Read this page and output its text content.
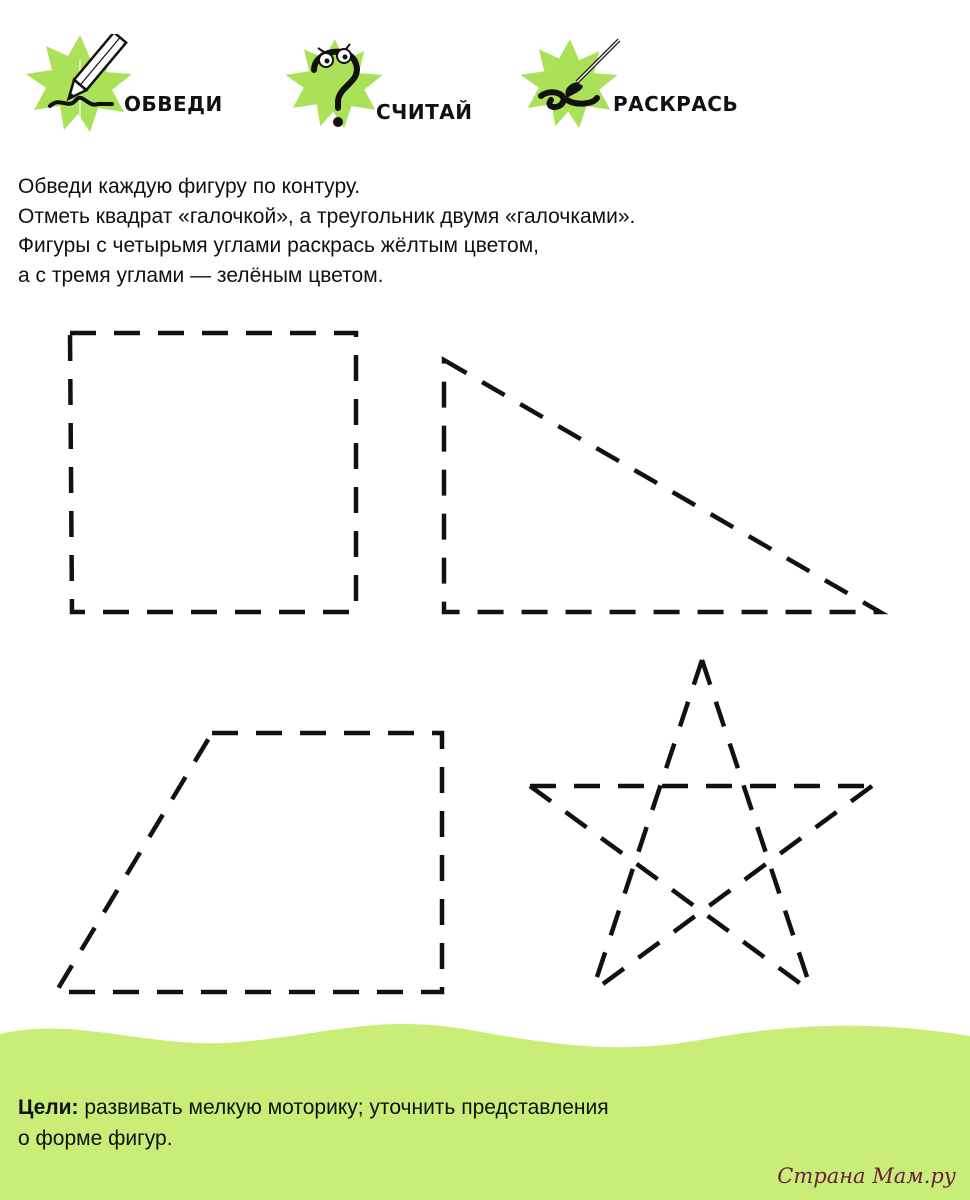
ОБВЕДИ	СЧИТАЙ	РАСКРАСЬ
Обведи каждую фигуру по контуру.
Отметь квадрат «галочкой», а треугольник двумя «галочками».
Фигуры с четырьмя углами раскрась жёлтым цветом,
а с тремя углами — зелёным цветом.
Цели: развивать мелкую моторику; уточнить представления
о форме фигур.
Страна Мам.ру
